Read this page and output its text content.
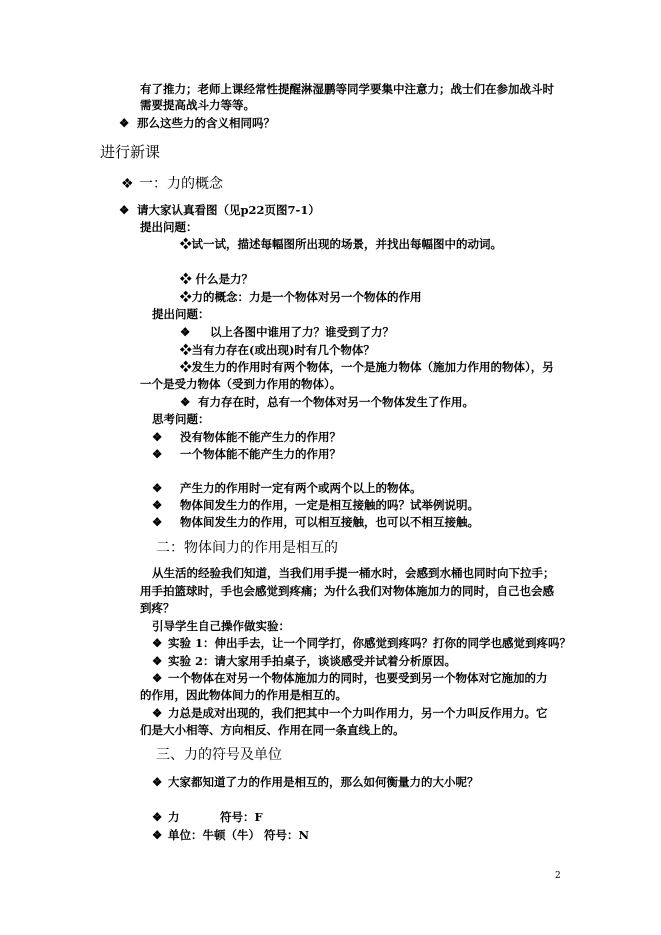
有了推力；老师上课经常性提醒淋湿鹏等同学要集中注意力；战士们在参加战斗时
需要提高战斗力等等。
❖ 那么这些力的含义相同吗？
进行新课
❖ 一：力的概念
❖ 请大家认真看图（见p22页图7-1）
提出问题：
❖试一试，描述每幅图所出现的场景，并找出每幅图中的动词。
❖ 什么是力？
❖力的概念：力是一个物体对另一个物体的作用
提出问题：
❖ 以上各图中谁用了力？谁受到了力？
❖当有力存在(或出现)时有几个物体？
❖发生力的作用时有两个物体，一个是施力物体（施加力作用的物体），另
一个是受力物体（受到力作用的物体）。
❖ 有力存在时，总有一个物体对另一个物体发生了作用。
思考问题：
❖ 没有物体能不能产生力的作用？
❖ 一个物体能不能产生力的作用？
❖ 产生力的作用时一定有两个或两个以上的物体。
❖ 物体间发生力的作用，一定是相互接触的吗？试举例说明。
❖ 物体间发生力的作用，可以相互接触，也可以不相互接触。
二：物体间力的作用是相互的
从生活的经验我们知道，当我们用手提一桶水时，会感到水桶也同时向下拉手；
用手拍篮球时，手也会感觉到疼痛；为什么我们对物体施加力的同时，自己也会感
到疼？
引导学生自己操作做实验：
❖ 实验 1：伸出手去，让一个同学打，你感觉到疼吗？打你的同学也感觉到疼吗？
❖ 实验 2：请大家用手拍桌子，谈谈感受并试着分析原因。
❖ 一个物体在对另一个物体施加力的同时，也要受到另一个物体对它施加的力
的作用，因此物体间力的作用是相互的。
❖ 力总是成对出现的，我们把其中一个力叫作用力，另一个力叫反作用力。它
们是大小相等、方向相反、作用在同一条直线上的。
三、力的符号及单位
❖ 大家都知道了力的作用是相互的，那么如何衡量力的大小呢？
❖ 力	符号：F
❖ 单位：牛顿（牛） 符号：N
2
